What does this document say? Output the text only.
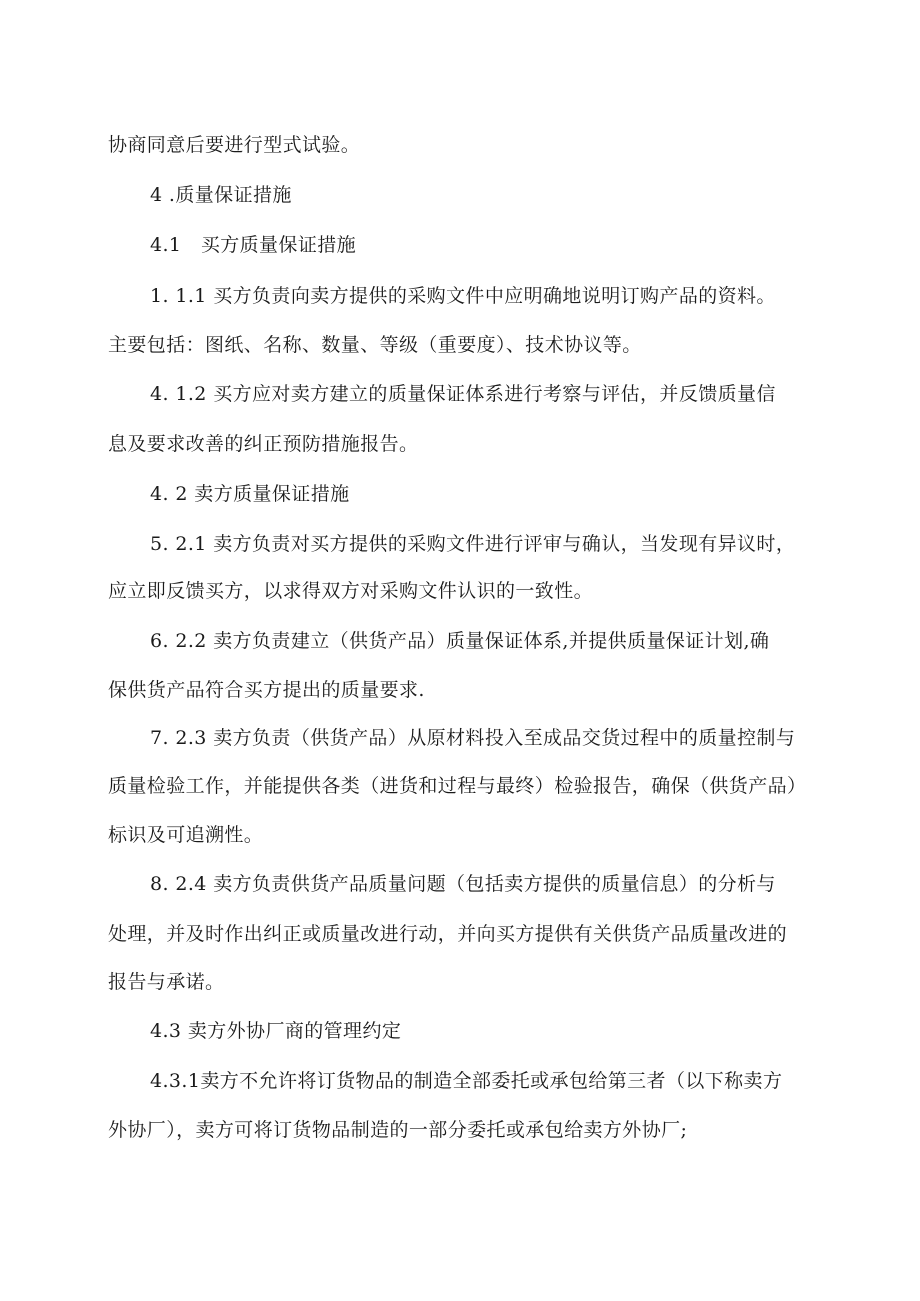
协商同意后要进行型式试验。
4 .质量保证措施
4.1　买方质量保证措施
1. 1.1 买方负责向卖方提供的采购文件中应明确地说明订购产品的资料。
主要包括：图纸、名称、数量、等级（重要度）、技术协议等。
4. 1.2 买方应对卖方建立的质量保证体系进行考察与评估，并反馈质量信
息及要求改善的纠正预防措施报告。
4. 2 卖方质量保证措施
5. 2.1 卖方负责对买方提供的采购文件进行评审与确认，当发现有异议时，
应立即反馈买方，以求得双方对采购文件认识的一致性。
6. 2.2 卖方负责建立（供货产品）质量保证体系,并提供质量保证计划,确
保供货产品符合买方提出的质量要求.
7. 2.3 卖方负责（供货产品）从原材料投入至成品交货过程中的质量控制与
质量检验工作，并能提供各类（进货和过程与最终）检验报告，确保（供货产品）
标识及可追溯性。
8. 2.4 卖方负责供货产品质量问题（包括卖方提供的质量信息）的分析与
处理，并及时作出纠正或质量改进行动，并向买方提供有关供货产品质量改进的
报告与承诺。
4.3 卖方外协厂商的管理约定
4.3.1卖方不允许将订货物品的制造全部委托或承包给第三者（以下称卖方
外协厂），卖方可将订货物品制造的一部分委托或承包给卖方外协厂;
